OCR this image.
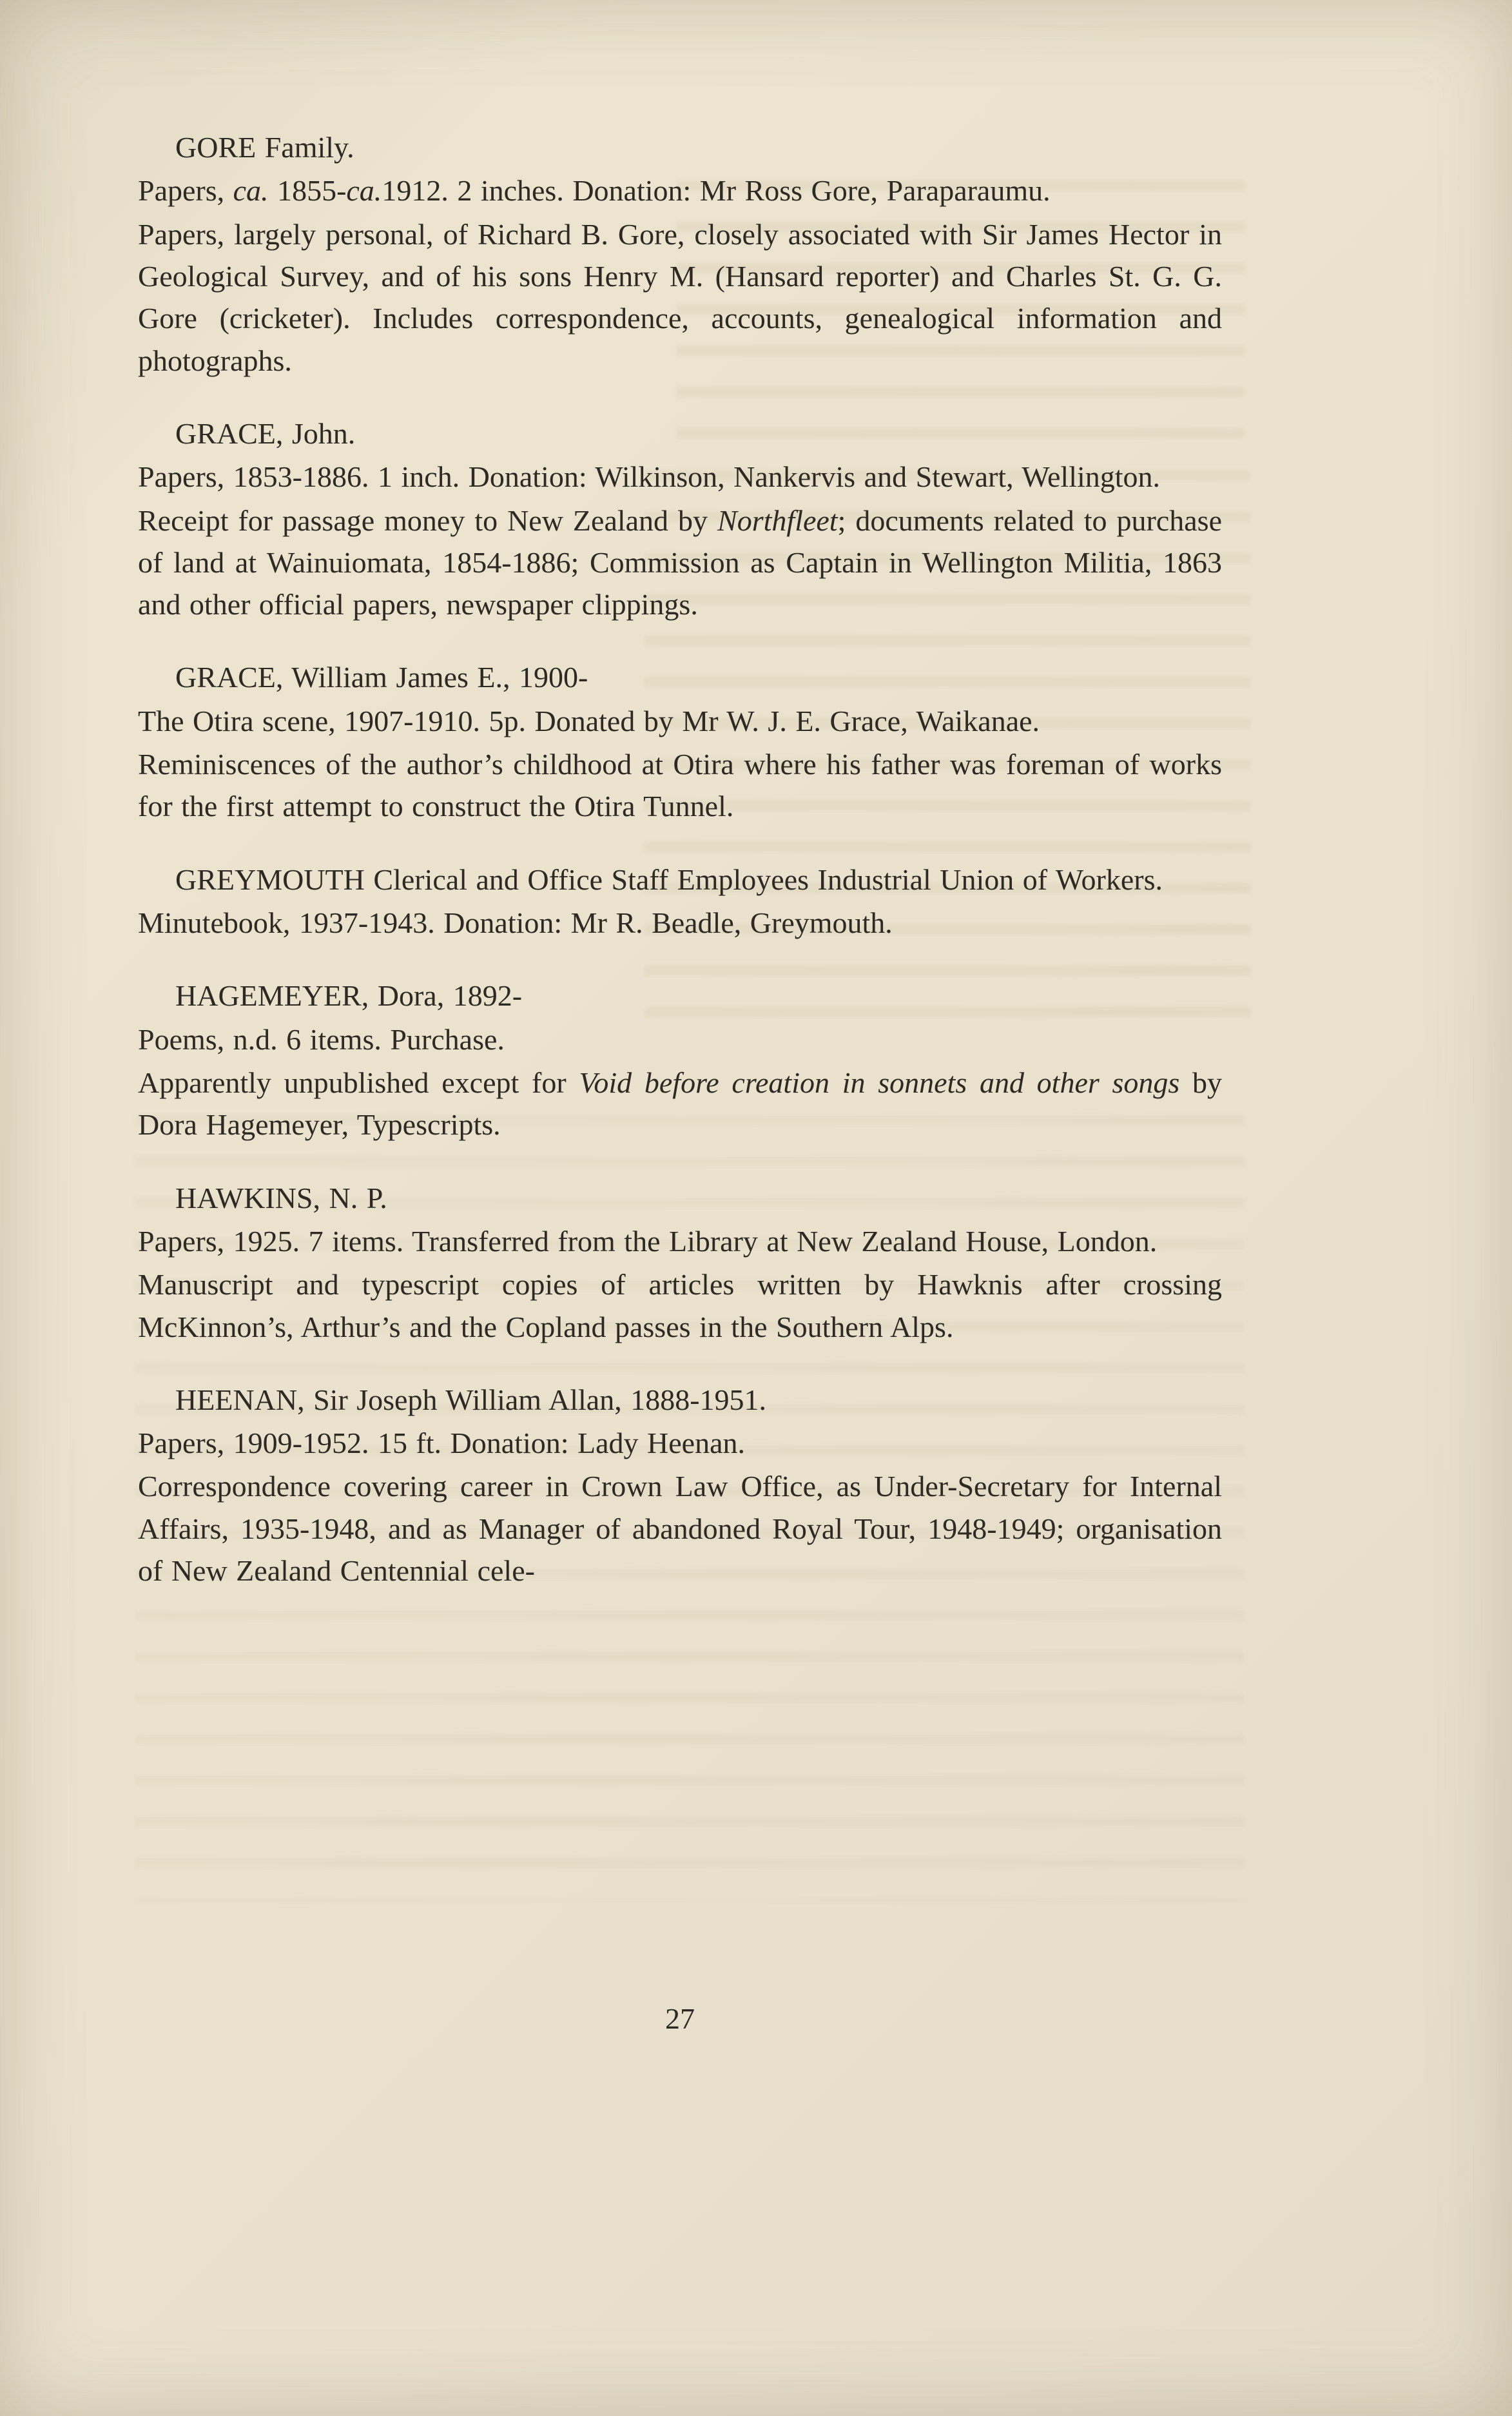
GORE Family.

Papers, ca. 1855-ca.1912. 2 inches. Donation: Mr Ross Gore, Paraparaumu.

Papers, largely personal, of Richard B. Gore, closely associated with Sir James Hector in Geological Survey, and of his sons Henry M. (Hansard reporter) and Charles St. G. G. Gore (cricketer). Includes correspondence, accounts, genealogical information and photographs.

GRACE, John.

Papers, 1853-1886. 1 inch. Donation: Wilkinson, Nankervis and Stewart, Wellington.

Receipt for passage money to New Zealand by Northfleet; documents related to purchase of land at Wainuiomata, 1854-1886; Commission as Captain in Wellington Militia, 1863 and other official papers, newspaper clippings.

GRACE, William James E., 1900-

The Otira scene, 1907-1910. 5p. Donated by Mr W. J. E. Grace, Waikanae.

Reminiscences of the author’s childhood at Otira where his father was foreman of works for the first attempt to construct the Otira Tunnel.

GREYMOUTH Clerical and Office Staff Employees Industrial Union of Workers.

Minutebook, 1937-1943. Donation: Mr R. Beadle, Greymouth.

HAGEMEYER, Dora, 1892-

Poems, n.d. 6 items. Purchase.

Apparently unpublished except for Void before creation in sonnets and other songs by Dora Hagemeyer, Typescripts.

HAWKINS, N. P.

Papers, 1925. 7 items. Transferred from the Library at New Zealand House, London.

Manuscript and typescript copies of articles written by Hawknis after crossing McKinnon’s, Arthur’s and the Copland passes in the Southern Alps.

HEENAN, Sir Joseph William Allan, 1888-1951.

Papers, 1909-1952. 15 ft. Donation: Lady Heenan.

Correspondence covering career in Crown Law Office, as Under-Secretary for Internal Affairs, 1935-1948, and as Manager of abandoned Royal Tour, 1948-1949; organisation of New Zealand Centennial cele-

27
